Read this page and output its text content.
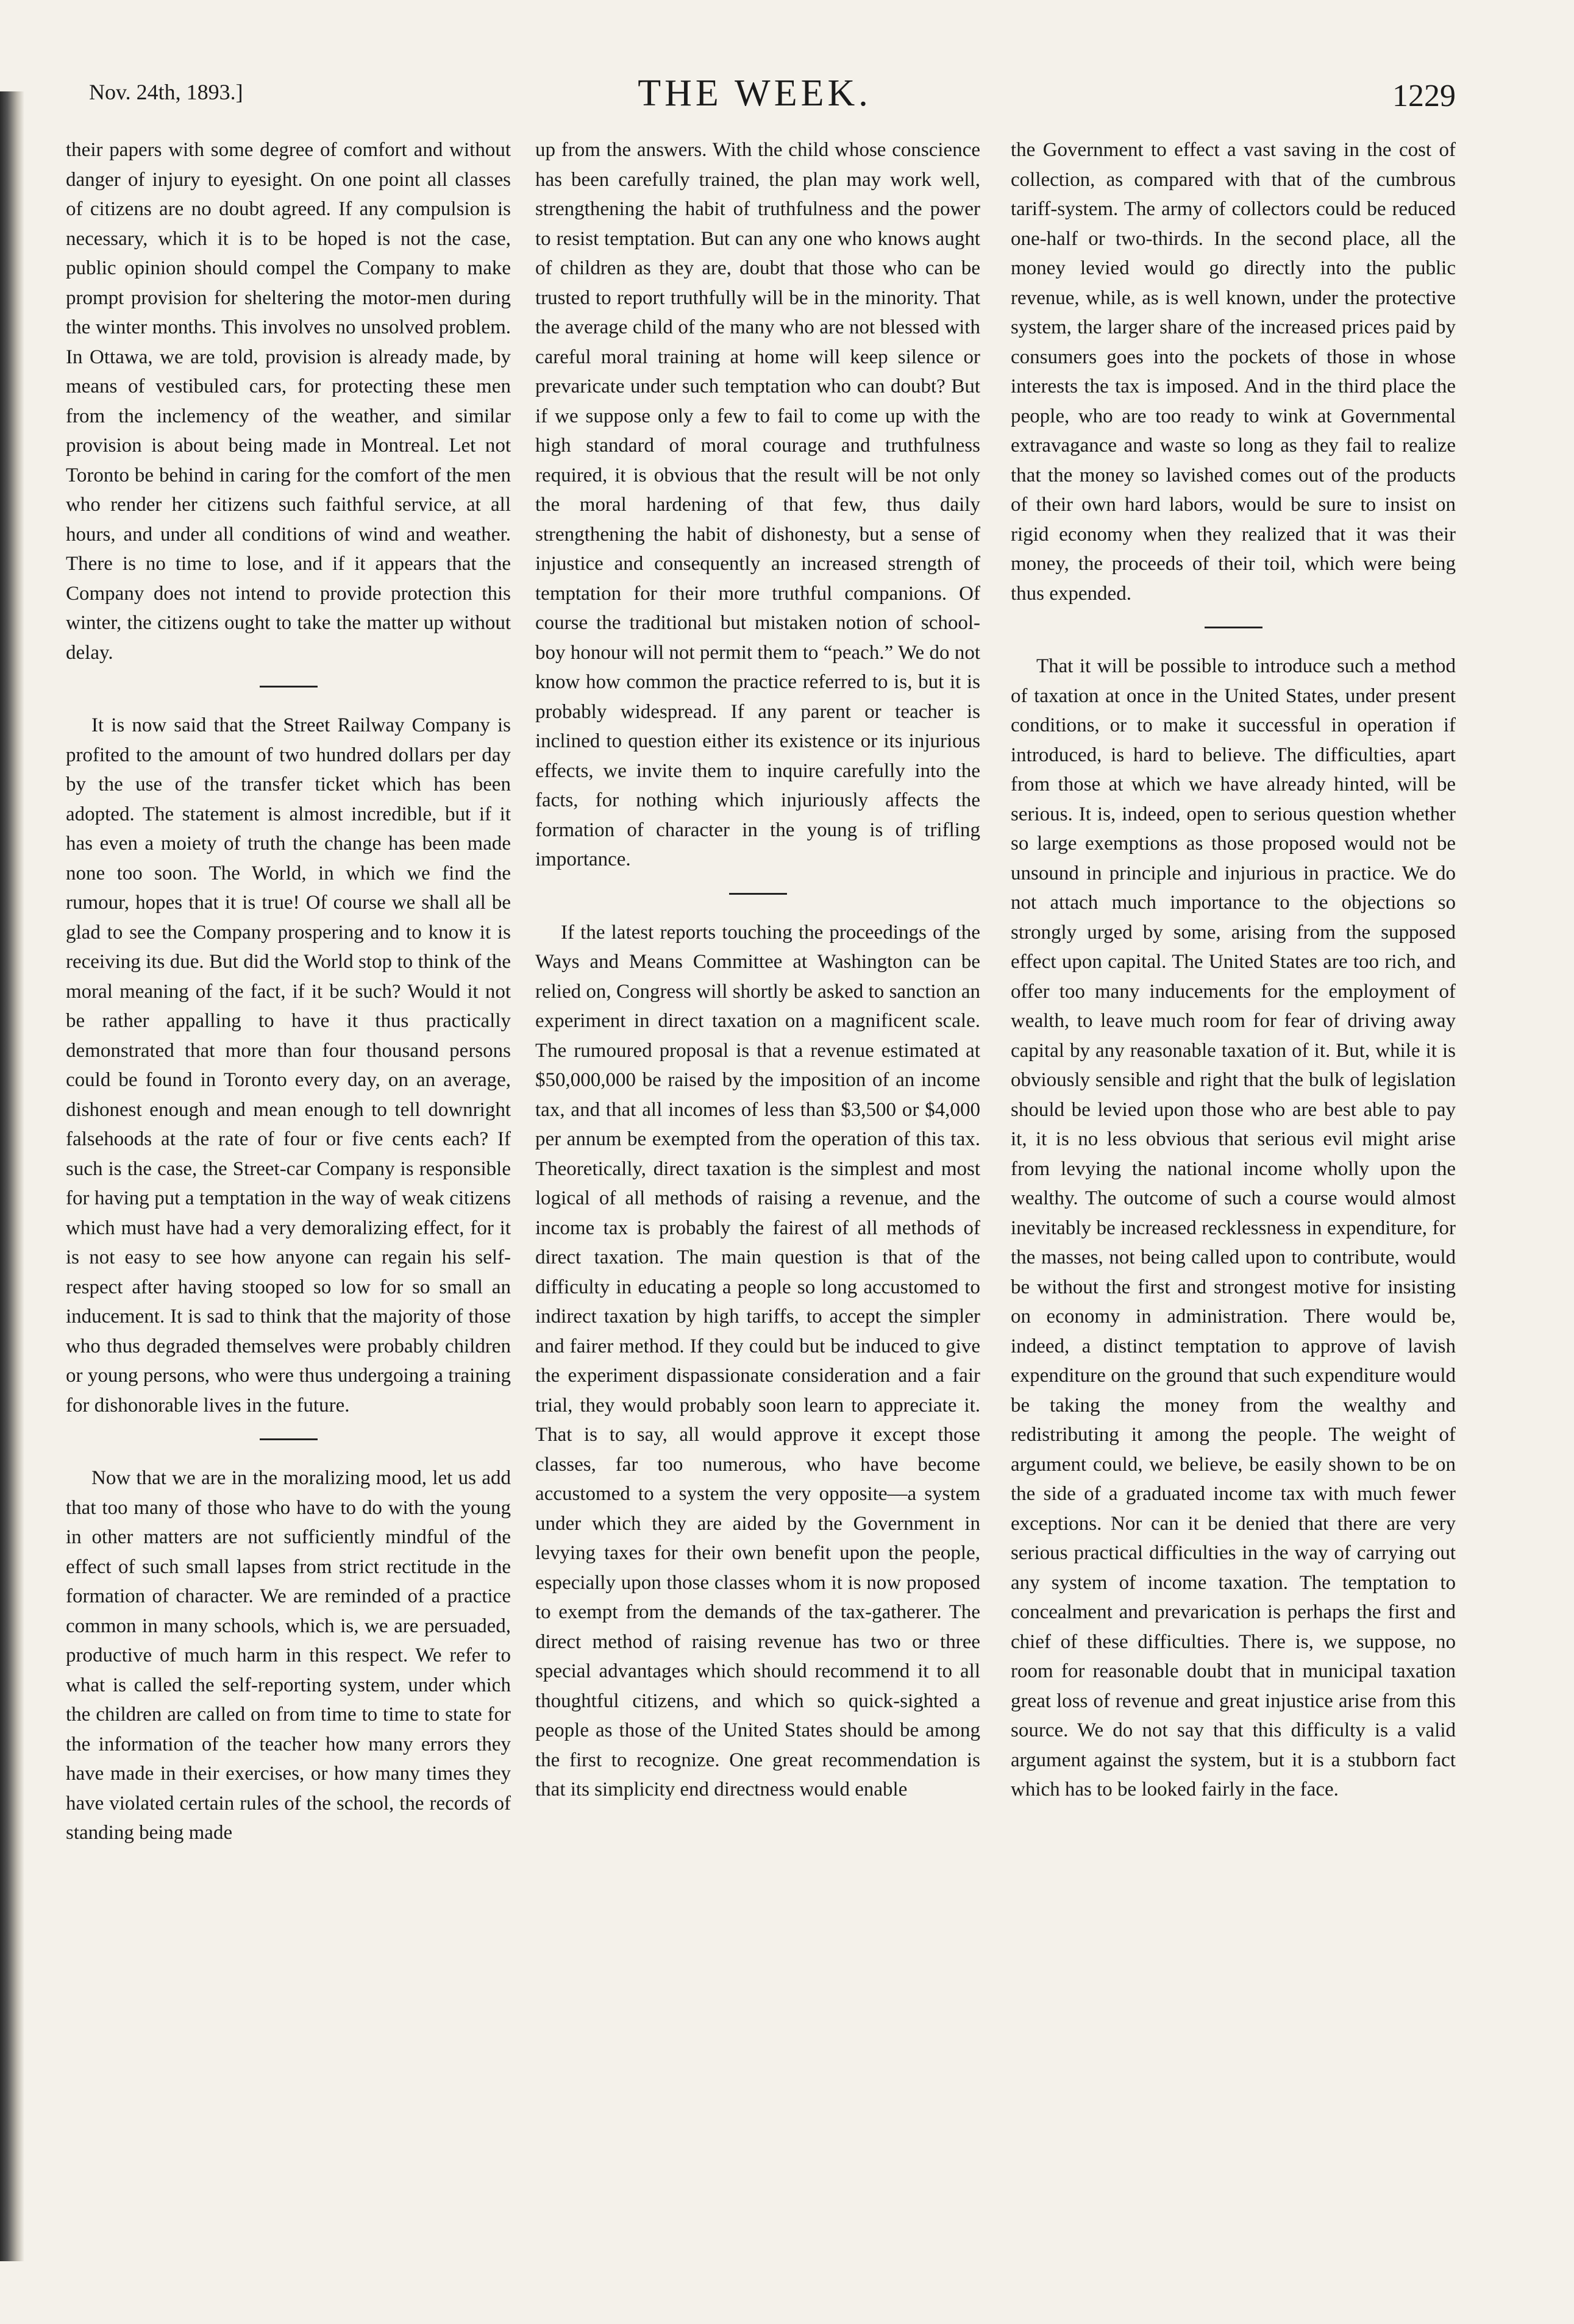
Nov. 24th, 1893.]	THE WEEK.	1229

their papers with some degree of comfort and without danger of injury to eyesight. On one point all classes of citizens are no doubt agreed. If any compulsion is necessary, which it is to be hoped is not the case, public opinion should compel the Company to make prompt provision for sheltering the motor-men during the winter months. This involves no unsolved problem. In Ottawa, we are told, provision is already made, by means of vestibuled cars, for protecting these men from the inclemency of the weather, and similar provision is about being made in Montreal. Let not Toronto be behind in caring for the comfort of the men who render her citizens such faithful service, at all hours, and under all conditions of wind and weather. There is no time to lose, and if it appears that the Company does not intend to provide protection this winter, the citizens ought to take the matter up without delay.

It is now said that the Street Railway Company is profited to the amount of two hundred dollars per day by the use of the transfer ticket which has been adopted. The statement is almost incredible, but if it has even a moiety of truth the change has been made none too soon. The World, in which we find the rumour, hopes that it is true! Of course we shall all be glad to see the Company prospering and to know it is receiving its due. But did the World stop to think of the moral meaning of the fact, if it be such? Would it not be rather appalling to have it thus practically demonstrated that more than four thousand persons could be found in Toronto every day, on an average, dishonest enough and mean enough to tell downright falsehoods at the rate of four or five cents each? If such is the case, the Street-car Company is responsible for having put a temptation in the way of weak citizens which must have had a very demoralizing effect, for it is not easy to see how anyone can regain his self-respect after having stooped so low for so small an inducement. It is sad to think that the majority of those who thus degraded themselves were probably children or young persons, who were thus undergoing a training for dishonorable lives in the future.

Now that we are in the moralizing mood, let us add that too many of those who have to do with the young in other matters are not sufficiently mindful of the effect of such small lapses from strict rectitude in the formation of character. We are reminded of a practice common in many schools, which is, we are persuaded, productive of much harm in this respect. We refer to what is called the self-reporting system, under which the children are called on from time to time to state for the information of the teacher how many errors they have made in their exercises, or how many times they have violated certain rules of the school, the records of standing being made

up from the answers. With the child whose conscience has been carefully trained, the plan may work well, strengthening the habit of truthfulness and the power to resist temptation. But can any one who knows aught of children as they are, doubt that those who can be trusted to report truthfully will be in the minority. That the average child of the many who are not blessed with careful moral training at home will keep silence or prevaricate under such temptation who can doubt? But if we suppose only a few to fail to come up with the high standard of moral courage and truthfulness required, it is obvious that the result will be not only the moral hardening of that few, thus daily strengthening the habit of dishonesty, but a sense of injustice and consequently an increased strength of temptation for their more truthful companions. Of course the traditional but mistaken notion of school-boy honour will not permit them to “peach.” We do not know how common the practice referred to is, but it is probably widespread. If any parent or teacher is inclined to question either its existence or its injurious effects, we invite them to inquire carefully into the facts, for nothing which injuriously affects the formation of character in the young is of trifling importance.

If the latest reports touching the proceedings of the Ways and Means Committee at Washington can be relied on, Congress will shortly be asked to sanction an experiment in direct taxation on a magnificent scale. The rumoured proposal is that a revenue estimated at $50,000,000 be raised by the imposition of an income tax, and that all incomes of less than $3,500 or $4,000 per annum be exempted from the operation of this tax. Theoretically, direct taxation is the simplest and most logical of all methods of raising a revenue, and the income tax is probably the fairest of all methods of direct taxation. The main question is that of the difficulty in educating a people so long accustomed to indirect taxation by high tariffs, to accept the simpler and fairer method. If they could but be induced to give the experiment dispassionate consideration and a fair trial, they would probably soon learn to appreciate it. That is to say, all would approve it except those classes, far too numerous, who have become accustomed to a system the very opposite—a system under which they are aided by the Government in levying taxes for their own benefit upon the people, especially upon those classes whom it is now proposed to exempt from the demands of the tax-gatherer. The direct method of raising revenue has two or three special advantages which should recommend it to all thoughtful citizens, and which so quick-sighted a people as those of the United States should be among the first to recognize. One great recommendation is that its simplicity end directness would enable

the Government to effect a vast saving in the cost of collection, as compared with that of the cumbrous tariff-system. The army of collectors could be reduced one-half or two-thirds. In the second place, all the money levied would go directly into the public revenue, while, as is well known, under the protective system, the larger share of the increased prices paid by consumers goes into the pockets of those in whose interests the tax is imposed. And in the third place the people, who are too ready to wink at Governmental extravagance and waste so long as they fail to realize that the money so lavished comes out of the products of their own hard labors, would be sure to insist on rigid economy when they realized that it was their money, the proceeds of their toil, which were being thus expended.

That it will be possible to introduce such a method of taxation at once in the United States, under present conditions, or to make it successful in operation if introduced, is hard to believe. The difficulties, apart from those at which we have already hinted, will be serious. It is, indeed, open to serious question whether so large exemptions as those proposed would not be unsound in principle and injurious in practice. We do not attach much importance to the objections so strongly urged by some, arising from the supposed effect upon capital. The United States are too rich, and offer too many inducements for the employment of wealth, to leave much room for fear of driving away capital by any reasonable taxation of it. But, while it is obviously sensible and right that the bulk of legislation should be levied upon those who are best able to pay it, it is no less obvious that serious evil might arise from levying the national income wholly upon the wealthy. The outcome of such a course would almost inevitably be increased recklessness in expenditure, for the masses, not being called upon to contribute, would be without the first and strongest motive for insisting on economy in administration. There would be, indeed, a distinct temptation to approve of lavish expenditure on the ground that such expenditure would be taking the money from the wealthy and redistributing it among the people. The weight of argument could, we believe, be easily shown to be on the side of a graduated income tax with much fewer exceptions. Nor can it be denied that there are very serious practical difficulties in the way of carrying out any system of income taxation. The temptation to concealment and prevarication is perhaps the first and chief of these difficulties. There is, we suppose, no room for reasonable doubt that in municipal taxation great loss of revenue and great injustice arise from this source. We do not say that this difficulty is a valid argument against the system, but it is a stubborn fact which has to be looked fairly in the face.
